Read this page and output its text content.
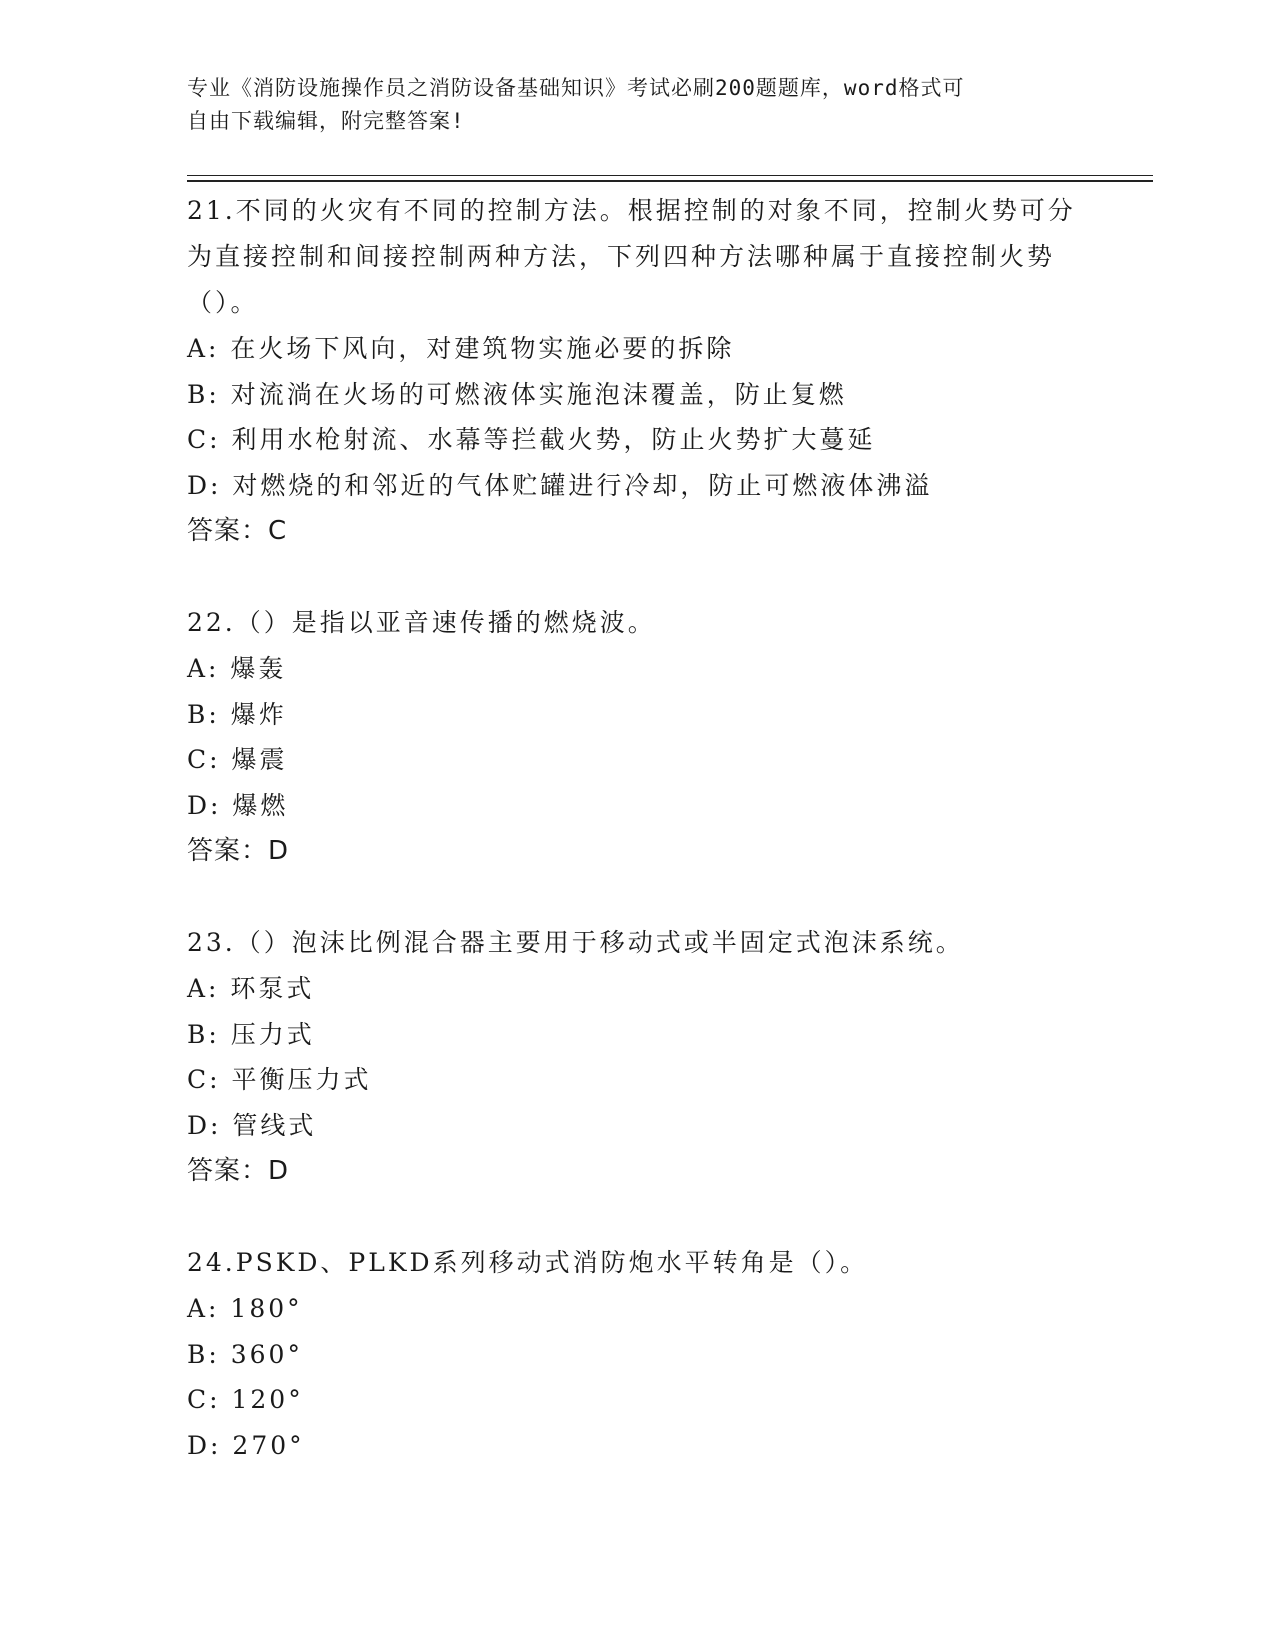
专业《消防设施操作员之消防设备基础知识》考试必刷200题题库，word格式可
自由下载编辑，附完整答案!

21.不同的火灾有不同的控制方法。根据控制的对象不同，控制火势可分为直接控制和间接控制两种方法，下列四种方法哪种属于直接控制火势（）。

A: 在火场下风向，对建筑物实施必要的拆除

B: 对流淌在火场的可燃液体实施泡沫覆盖，防止复燃

C: 利用水枪射流、水幕等拦截火势，防止火势扩大蔓延

D: 对燃烧的和邻近的气体贮罐进行冷却，防止可燃液体沸溢

答案：C

22.（）是指以亚音速传播的燃烧波。

A: 爆轰

B: 爆炸

C: 爆震

D: 爆燃

答案：D

23.（）泡沫比例混合器主要用于移动式或半固定式泡沫系统。

A: 环泵式

B: 压力式

C: 平衡压力式

D: 管线式

答案：D

24.PSKD、PLKD系列移动式消防炮水平转角是（）。

A: 180°

B: 360°

C: 120°

D: 270°
